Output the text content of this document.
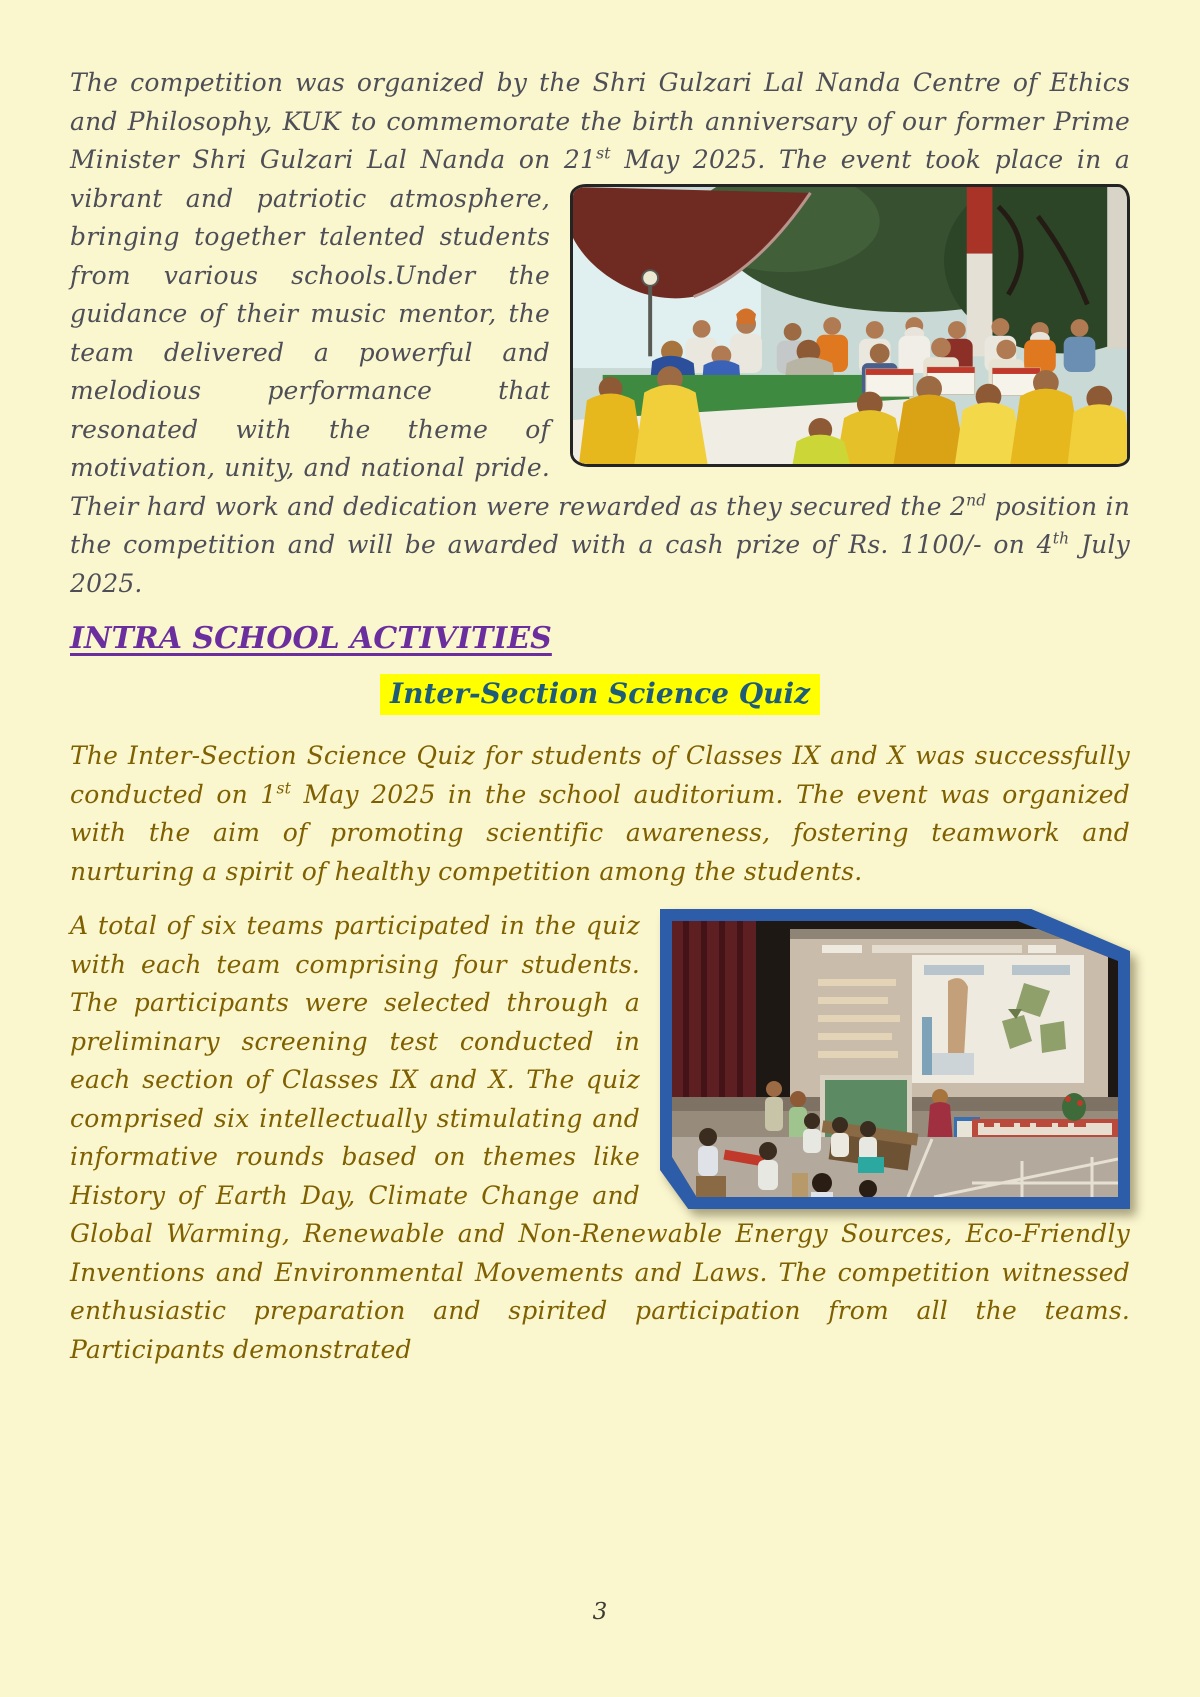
The competition was organized by the Shri Gulzari Lal Nanda Centre of Ethics and Philosophy, KUK to commemorate the birth anniversary of our former Prime Minister Shri Gulzari Lal Nanda on 21st
May 2025. The event took place in a vibrant and patriotic atmosphere, bringing together talented students from various schools.Under the guidance of their music mentor, the team delivered a powerful and melodious performance that resonated with the theme of motivation, unity, and national pride. Their hard work and dedication were rewarded as they secured the 2nd position in the competition and will be awarded with a cash prize of Rs. 1100/- on 4th July 2025.

INTRA SCHOOL ACTIVITIES
Inter-Section Science Quiz

The Inter-Section Science Quiz for students of Classes IX and X was successfully conducted on 1st May 2025 in the school auditorium. The event was organized with the aim of promoting scientific awareness, fostering teamwork and nurturing a spirit of healthy competition among the students.

A total of six teams participated in the quiz with each team comprising four students. The participants were selected through a preliminary screening test conducted in each section of Classes IX and X. The quiz comprised six intellectually stimulating and informative rounds based on themes like History of Earth Day, Climate Change and Global Warming, Renewable and Non-Renewable Energy Sources, Eco-Friendly Inventions and Environmental Movements and Laws. The competition witnessed enthusiastic preparation and spirited participation from all the teams. Participants demonstrated

3
